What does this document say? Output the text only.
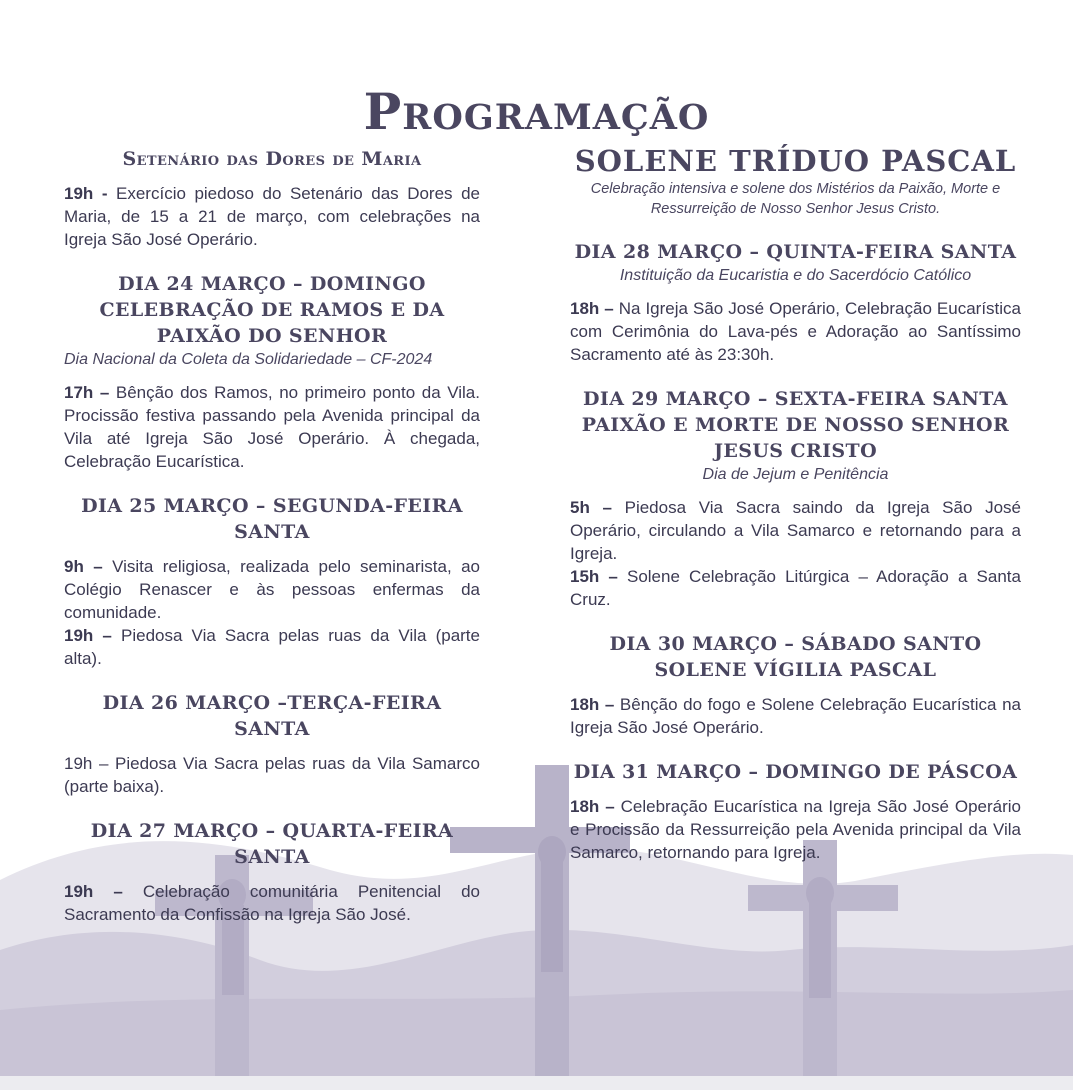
Programação
Setenário das Dores de Maria
19h - Exercício piedoso do Setenário das Dores de Maria, de 15 a 21 de março, com celebrações na Igreja São José Operário.
DIA 24 MARÇO – DOMINGO
CELEBRAÇÃO DE RAMOS E DA PAIXÃO DO SENHOR
Dia Nacional da Coleta da Solidariedade – CF-2024
17h – Bênção dos Ramos, no primeiro ponto da Vila. Procissão festiva passando pela Avenida principal da Vila até Igreja São José Operário. À chegada, Celebração Eucarística.
DIA 25 MARÇO – SEGUNDA-FEIRA SANTA
9h – Visita religiosa, realizada pelo seminarista, ao Colégio Renascer e às pessoas enfermas da comunidade.
19h – Piedosa Via Sacra pelas ruas da Vila (parte alta).
DIA 26 MARÇO –TERÇA-FEIRA SANTA
19h – Piedosa Via Sacra pelas ruas da Vila Samarco (parte baixa).
DIA 27 MARÇO – QUARTA-FEIRA SANTA
19h – Celebração comunitária Penitencial do Sacramento da Confissão na Igreja São José.
SOLENE TRÍDUO PASCAL
Celebração intensiva e solene dos Mistérios da Paixão, Morte e Ressurreição de Nosso Senhor Jesus Cristo.
DIA 28 MARÇO – QUINTA-FEIRA SANTA
Instituição da Eucaristia e do Sacerdócio Católico
18h – Na Igreja São José Operário, Celebração Eucarística com Cerimônia do Lava-pés e Adoração ao Santíssimo Sacramento até às 23:30h.
DIA 29 MARÇO – SEXTA-FEIRA SANTA
PAIXÃO E MORTE DE NOSSO SENHOR JESUS CRISTO
Dia de Jejum e Penitência
5h – Piedosa Via Sacra saindo da Igreja São José Operário, circulando a Vila Samarco e retornando para a Igreja.
15h – Solene Celebração Litúrgica – Adoração a Santa Cruz.
DIA 30 MARÇO – SÁBADO SANTO
SOLENE VÍGILIA PASCAL
18h – Bênção do fogo e Solene Celebração Eucarística na Igreja São José Operário.
DIA 31 MARÇO – DOMINGO DE PÁSCOA
18h – Celebração Eucarística na Igreja São José Operário e Procissão da Ressurreição pela Avenida principal da Vila Samarco, retornando para Igreja.
